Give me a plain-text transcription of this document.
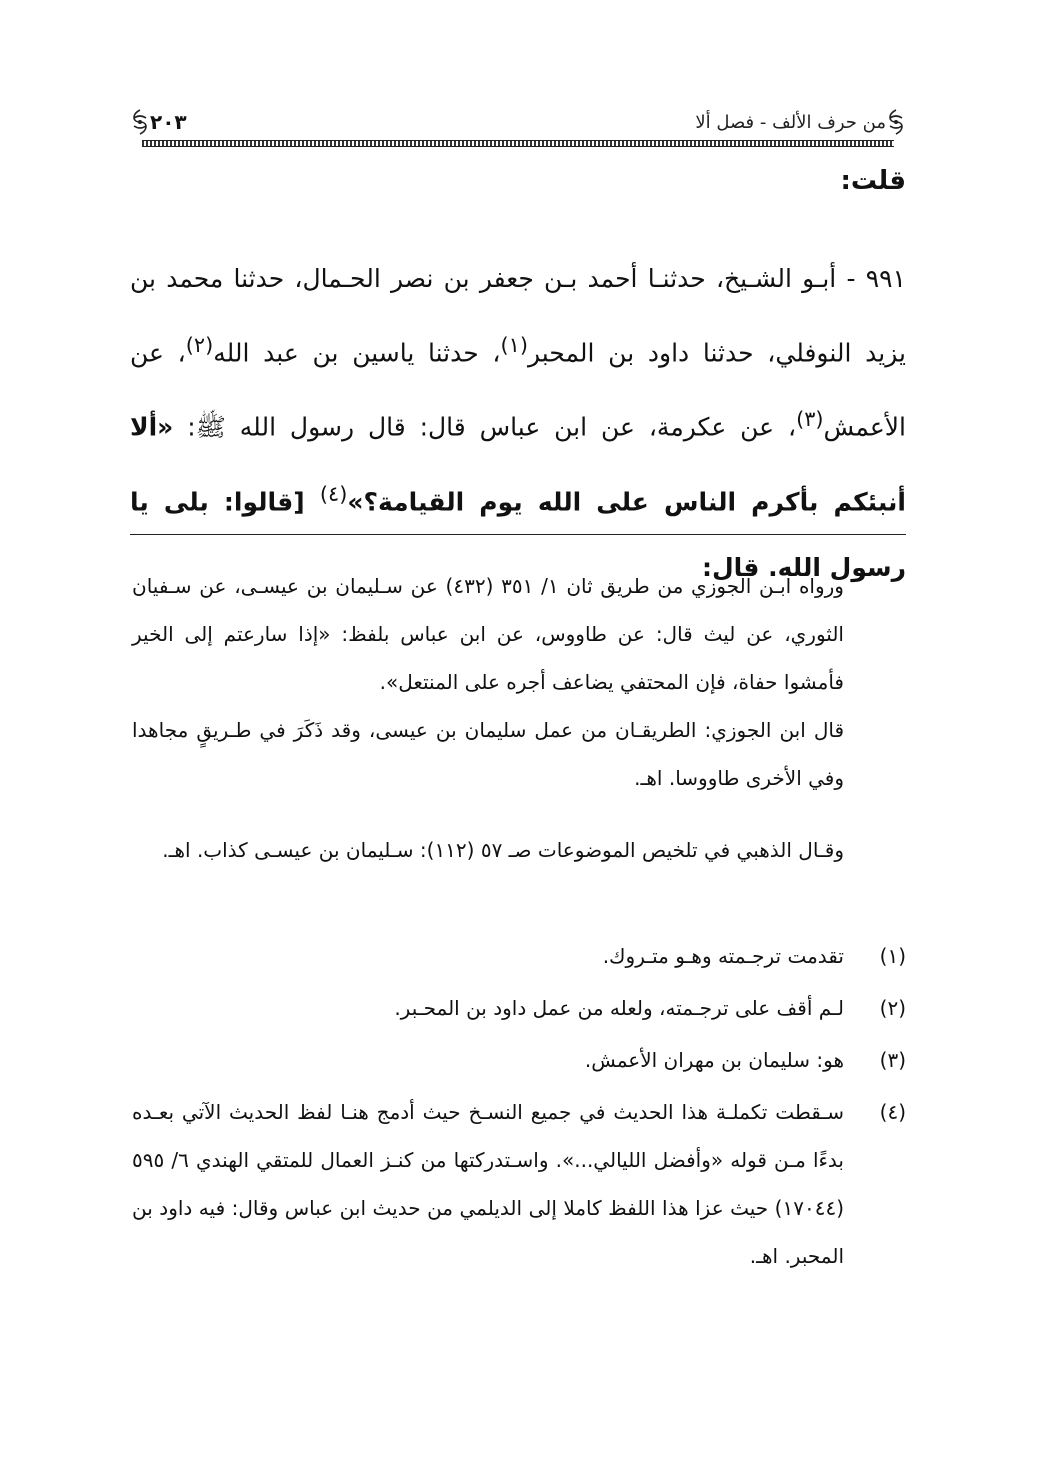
من حرف الألف - فصل ألا
٢٠٣
قلت:
٩٩١ - أبـو الشـيخ، حدثنـا أحمد بـن جعفر بن نصر الحـمال، حدثنا محمد بن يزيد النوفلي، حدثنا داود بن المحبر$^{(١)}$، حدثنا ياسين بن عبد الله$^{(٢)}$، عن الأعمش$^{(٣)}$، عن عكرمة، عن ابن عباس قال: قال رسول الله ﷺ: «ألا أنبئكم بأكرم الناس على الله يوم القيامة؟»$^{(٤)}$ [قالوا: بلى يا رسول الله. قال:
ورواه ابـن الجوزي من طريق ثان ١/ ٣٥١ (٤٣٢) عن سـليمان بن عيسـى، عن سـفيان الثوري، عن ليث قال: عن طاووس، عن ابن عباس بلفظ: «إذا سارعتم إلى الخير فأمشوا حفاة، فإن المحتفي يضاعف أجره على المنتعل».
قال ابن الجوزي: الطريقـان من عمل سليمان بن عيسى، وقد ذَكَرَ في طـريقٍ مجاهدا وفي الأخرى طاووسا. اهـ.
وقـال الذهبي في تلخيص الموضوعات صـ ٥٧ (١١٢): سـليمان بن عيسـى كذاب. اهـ.
(١)
تقدمت ترجـمته وهـو متـروك.
(٢)
لـم أقف على ترجـمته، ولعله من عمل داود بن المحـبر.
(٣)
هو: سليمان بن مهران الأعمش.
(٤)
سـقطت تكملـة هذا الحديث في جميع النسـخ حيث أدمج هنـا لفظ الحديث الآتي بعـده بدءًا مـن قوله «وأفضل الليالي...». واسـتدركتها من كنـز العمال للمتقي الهندي ٦/ ٥٩٥ (١٧٠٤٤) حيث عزا هذا اللفظ كاملا إلى الديلمي من حديث ابن عباس وقال: فيه داود بن المحبر. اهـ.
